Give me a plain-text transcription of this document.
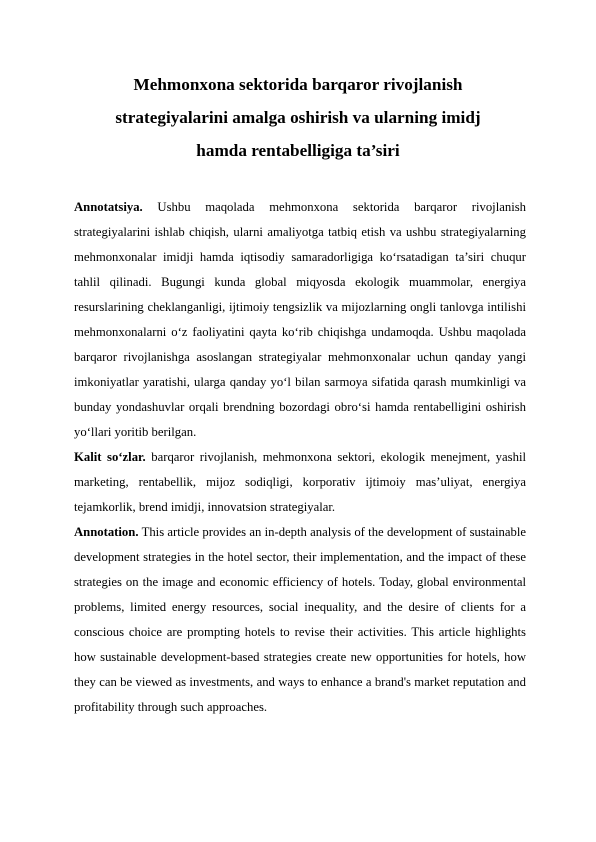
Mehmonxona sektorida barqaror rivojlanish
strategiyalarini amalga oshirish va ularning imidj
hamda rentabelligiga ta’siri

Annotatsiya. Ushbu maqolada mehmonxona sektorida barqaror rivojlanish strategiyalarini ishlab chiqish, ularni amaliyotga tatbiq etish va ushbu strategiyalarning mehmonxonalar imidji hamda iqtisodiy samaradorligiga ko‘rsatadigan ta’siri chuqur tahlil qilinadi. Bugungi kunda global miqyosda ekologik muammolar, energiya resurslarining cheklanganligi, ijtimoiy tengsizlik va mijozlarning ongli tanlovga intilishi mehmonxonalarni o‘z faoliyatini qayta ko‘rib chiqishga undamoqda. Ushbu maqolada barqaror rivojlanishga asoslangan strategiyalar mehmonxonalar uchun qanday yangi imkoniyatlar yaratishi, ularga qanday yo‘l bilan sarmoya sifatida qarash mumkinligi va bunday yondashuvlar orqali brendning bozordagi obro‘si hamda rentabelligini oshirish yo‘llari yoritib berilgan.

Kalit so‘zlar. barqaror rivojlanish, mehmonxona sektori, ekologik menejment, yashil marketing, rentabellik, mijoz sodiqligi, korporativ ijtimoiy mas’uliyat, energiya tejamkorlik, brend imidji, innovatsion strategiyalar.

Annotation. This article provides an in-depth analysis of the development of sustainable development strategies in the hotel sector, their implementation, and the impact of these strategies on the image and economic efficiency of hotels. Today, global environmental problems, limited energy resources, social inequality, and the desire of clients for a conscious choice are prompting hotels to revise their activities. This article highlights how sustainable development-based strategies create new opportunities for hotels, how they can be viewed as investments, and ways to enhance a brand's market reputation and profitability through such approaches.
